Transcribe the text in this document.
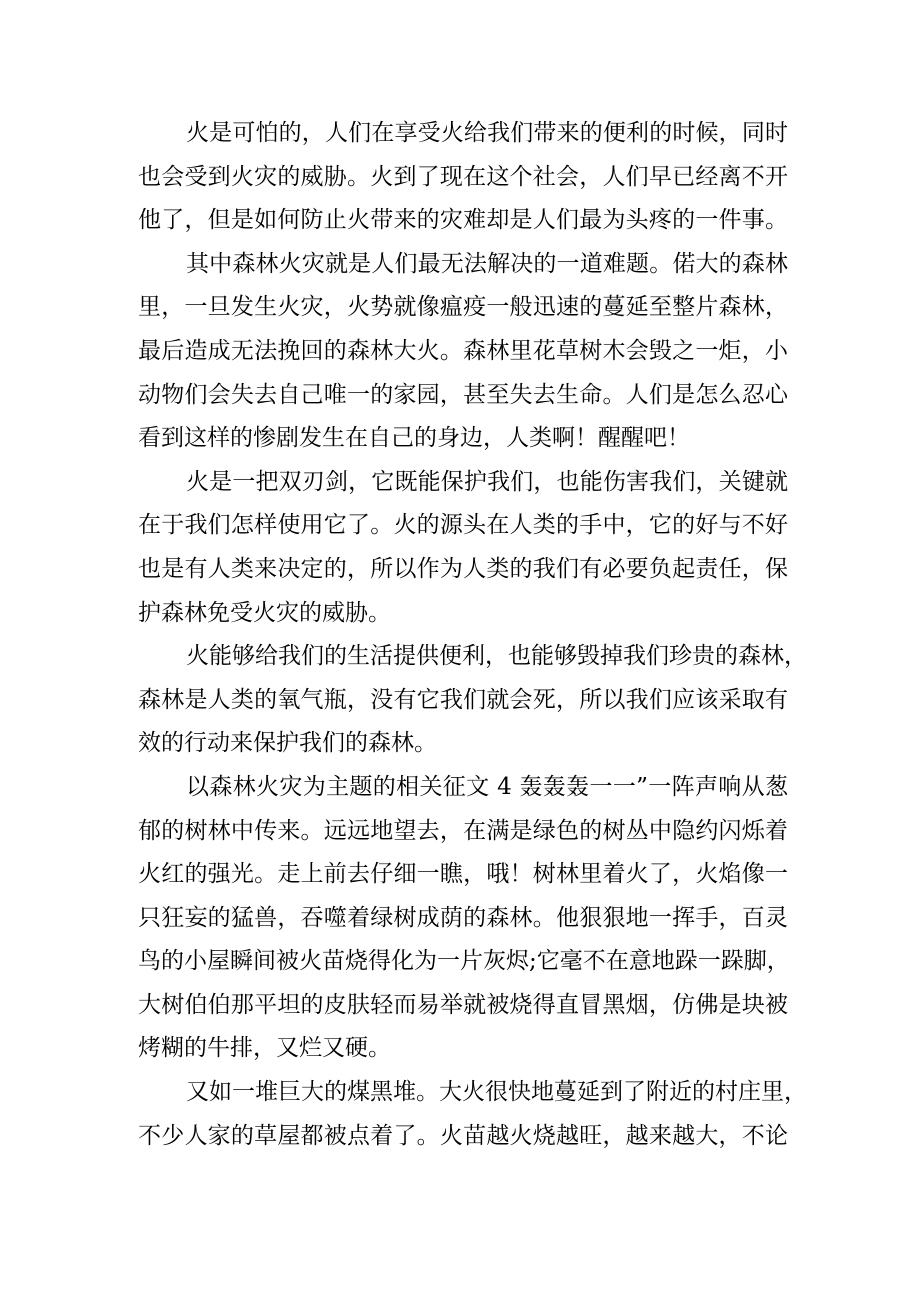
火是可怕的，人们在享受火给我们带来的便利的时候，同时
也会受到火灾的威胁。火到了现在这个社会，人们早已经离不开
他了，但是如何防止火带来的灾难却是人们最为头疼的一件事。
其中森林火灾就是人们最无法解决的一道难题。偌大的森林
里，一旦发生火灾，火势就像瘟疫一般迅速的蔓延至整片森林，
最后造成无法挽回的森林大火。森林里花草树木会毁之一炬，小
动物们会失去自己唯一的家园，甚至失去生命。人们是怎么忍心
看到这样的惨剧发生在自己的身边，人类啊！醒醒吧！
火是一把双刃剑，它既能保护我们，也能伤害我们，关键就
在于我们怎样使用它了。火的源头在人类的手中，它的好与不好
也是有人类来决定的，所以作为人类的我们有必要负起责任，保
护森林免受火灾的威胁。
火能够给我们的生活提供便利，也能够毁掉我们珍贵的森林，
森林是人类的氧气瓶，没有它我们就会死，所以我们应该采取有
效的行动来保护我们的森林。
以森林火灾为主题的相关征文 4 轰轰轰一一”一阵声响从葱
郁的树林中传来。远远地望去，在满是绿色的树丛中隐约闪烁着
火红的强光。走上前去仔细一瞧，哦！树林里着火了，火焰像一
只狂妄的猛兽，吞噬着绿树成荫的森林。他狠狠地一挥手，百灵
鸟的小屋瞬间被火苗烧得化为一片灰烬;它毫不在意地跺一跺脚，
大树伯伯那平坦的皮肤轻而易举就被烧得直冒黑烟，仿佛是块被
烤糊的牛排，又烂又硬。
又如一堆巨大的煤黑堆。大火很快地蔓延到了附近的村庄里，
不少人家的草屋都被点着了。火苗越火烧越旺，越来越大，不论
